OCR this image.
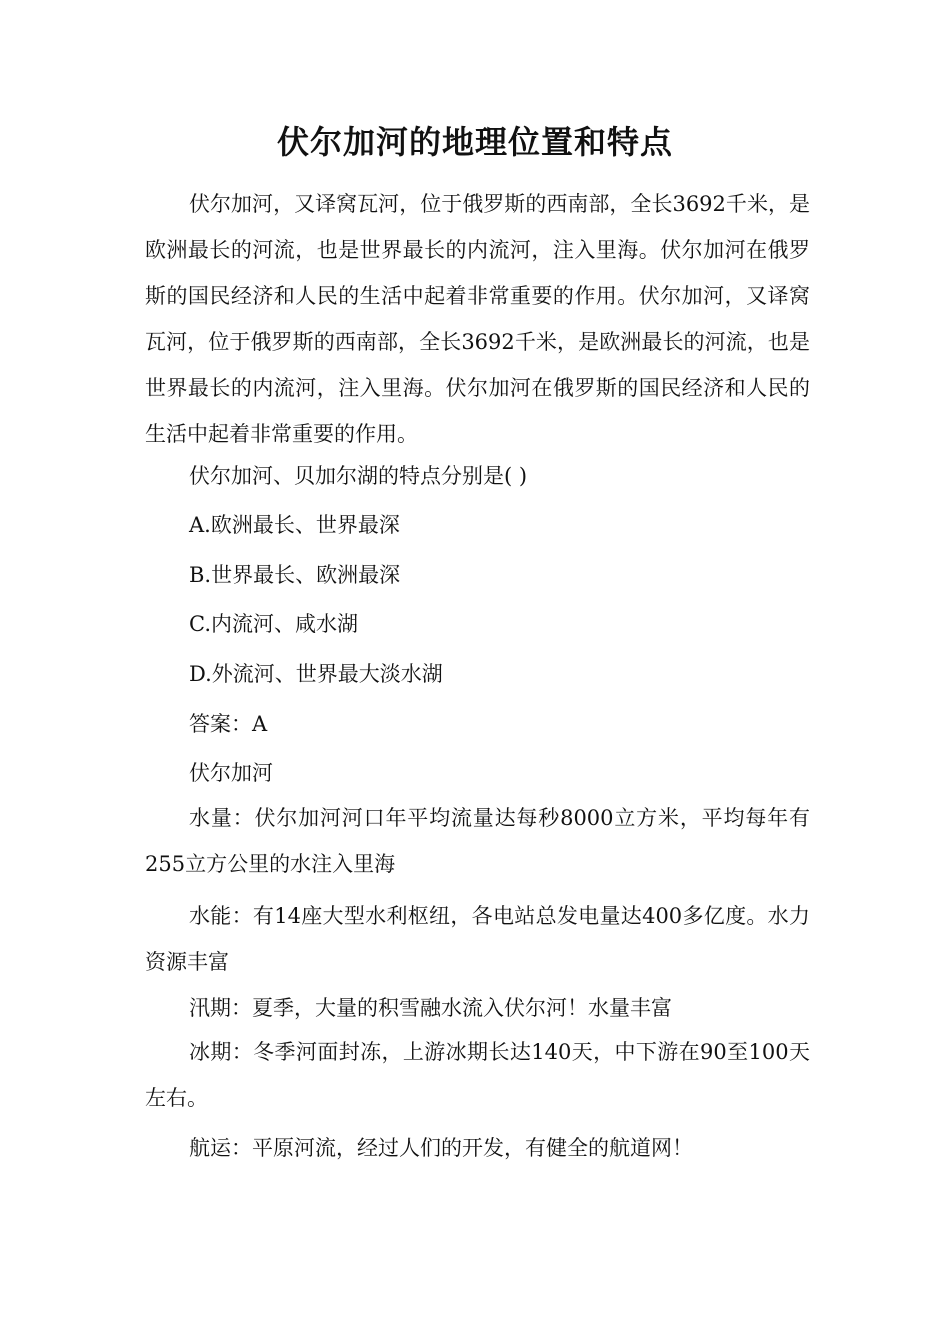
伏尔加河的地理位置和特点

伏尔加河，又译窝瓦河，位于俄罗斯的西南部，全长3692千米，是欧洲最长的河流，也是世界最长的内流河，注入里海。伏尔加河在俄罗斯的国民经济和人民的生活中起着非常重要的作用。伏尔加河，又译窝瓦河，位于俄罗斯的西南部，全长3692千米，是欧洲最长的河流，也是世界最长的内流河，注入里海。伏尔加河在俄罗斯的国民经济和人民的生活中起着非常重要的作用。

伏尔加河、贝加尔湖的特点分别是( )

A.欧洲最长、世界最深

B.世界最长、欧洲最深

C.内流河、咸水湖

D.外流河、世界最大淡水湖

答案：A

伏尔加河

水量：伏尔加河河口年平均流量达每秒8000立方米，平均每年有255立方公里的水注入里海

水能：有14座大型水利枢纽，各电站总发电量达400多亿度。水力资源丰富

汛期：夏季，大量的积雪融水流入伏尔河！水量丰富

冰期：冬季河面封冻，上游冰期长达140天，中下游在90至100天左右。

航运：平原河流，经过人们的开发，有健全的航道网！
